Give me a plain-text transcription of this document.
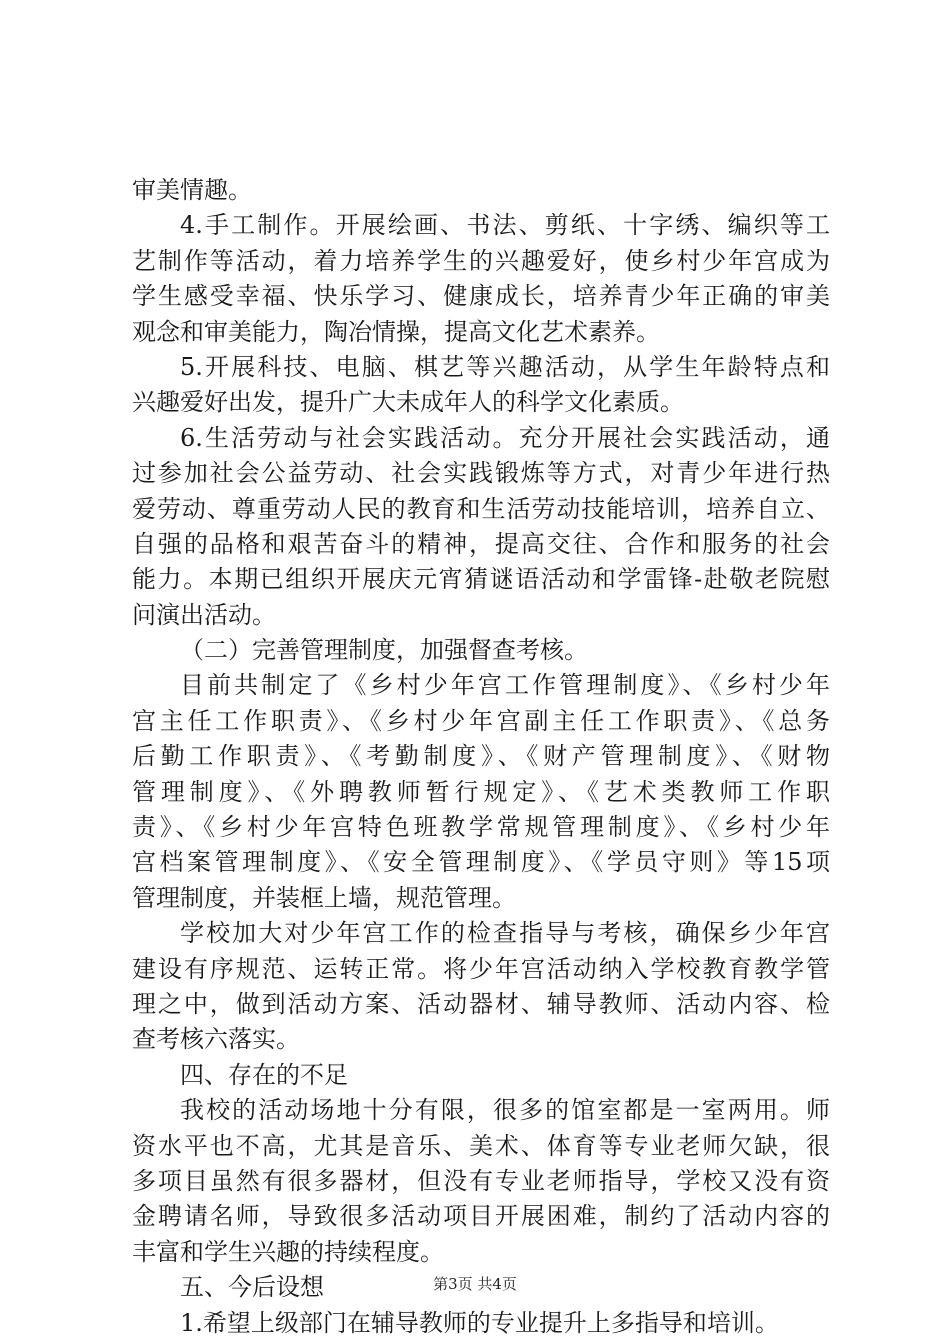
审美情趣。
4.手工制作。开展绘画、书法、剪纸、十字绣、编织等工
艺制作等活动，着力培养学生的兴趣爱好，使乡村少年宫成为
学生感受幸福、快乐学习、健康成长，培养青少年正确的审美
观念和审美能力，陶冶情操，提高文化艺术素养。
5.开展科技、电脑、棋艺等兴趣活动，从学生年龄特点和
兴趣爱好出发，提升广大未成年人的科学文化素质。
6.生活劳动与社会实践活动。充分开展社会实践活动，通
过参加社会公益劳动、社会实践锻炼等方式，对青少年进行热
爱劳动、尊重劳动人民的教育和生活劳动技能培训，培养自立、
自强的品格和艰苦奋斗的精神，提高交往、合作和服务的社会
能力。本期已组织开展庆元宵猜谜语活动和学雷锋-赴敬老院慰
问演出活动。
（二）完善管理制度，加强督查考核。
目前共制定了《乡村少年宫工作管理制度》、《乡村少年
宫主任工作职责》、《乡村少年宫副主任工作职责》、《总务
后勤工作职责》、《考勤制度》、《财产管理制度》、《财物
管理制度》、《外聘教师暂行规定》、《艺术类教师工作职
责》、《乡村少年宫特色班教学常规管理制度》、《乡村少年
宫档案管理制度》、《安全管理制度》、《学员守则》等15项
管理制度，并装框上墙，规范管理。
学校加大对少年宫工作的检查指导与考核，确保乡少年宫
建设有序规范、运转正常。将少年宫活动纳入学校教育教学管
理之中，做到活动方案、活动器材、辅导教师、活动内容、检
查考核六落实。
四、存在的不足
我校的活动场地十分有限，很多的馆室都是一室两用。师
资水平也不高，尤其是音乐、美术、体育等专业老师欠缺，很
多项目虽然有很多器材，但没有专业老师指导，学校又没有资
金聘请名师，导致很多活动项目开展困难，制约了活动内容的
丰富和学生兴趣的持续程度。
五、今后设想
1.希望上级部门在辅导教师的专业提升上多指导和培训。
第3页 共4页
